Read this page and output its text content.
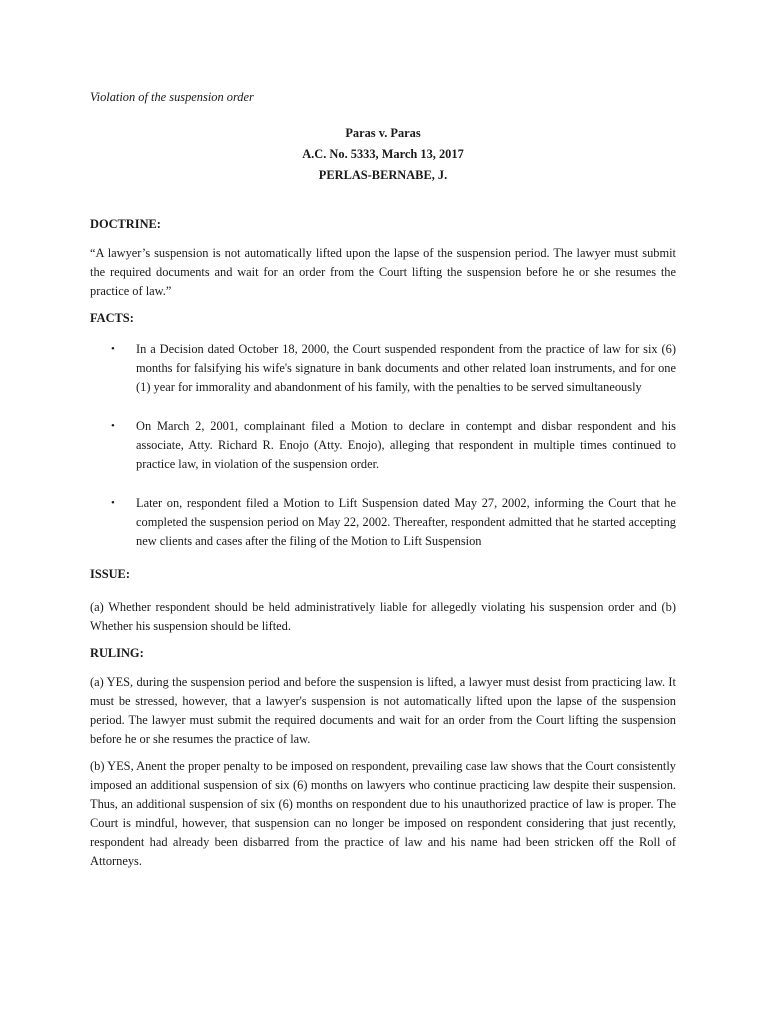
Violation of the suspension order

Paras v. Paras
A.C. No. 5333, March 13, 2017
PERLAS-BERNABE, J.

DOCTRINE:

“A lawyer’s suspension is not automatically lifted upon the lapse of the suspension period. The lawyer must submit the required documents and wait for an order from the Court lifting the suspension before he or she resumes the practice of law.”

FACTS:

• In a Decision dated October 18, 2000, the Court suspended respondent from the practice of law for six (6) months for falsifying his wife's signature in bank documents and other related loan instruments, and for one (1) year for immorality and abandonment of his family, with the penalties to be served simultaneously
• On March 2, 2001, complainant filed a Motion to declare in contempt and disbar respondent and his associate, Atty. Richard R. Enojo (Atty. Enojo), alleging that respondent in multiple times continued to practice law, in violation of the suspension order.
• Later on, respondent filed a Motion to Lift Suspension dated May 27, 2002, informing the Court that he completed the suspension period on May 22, 2002. Thereafter, respondent admitted that he started accepting new clients and cases after the filing of the Motion to Lift Suspension

ISSUE:

(a) Whether respondent should be held administratively liable for allegedly violating his suspension order and (b) Whether his suspension should be lifted.

RULING:

(a) YES, during the suspension period and before the suspension is lifted, a lawyer must desist from practicing law. It must be stressed, however, that a lawyer's suspension is not automatically lifted upon the lapse of the suspension period. The lawyer must submit the required documents and wait for an order from the Court lifting the suspension before he or she resumes the practice of law.

(b) YES, Anent the proper penalty to be imposed on respondent, prevailing case law shows that the Court consistently imposed an additional suspension of six (6) months on lawyers who continue practicing law despite their suspension. Thus, an additional suspension of six (6) months on respondent due to his unauthorized practice of law is proper. The Court is mindful, however, that suspension can no longer be imposed on respondent considering that just recently, respondent had already been disbarred from the practice of law and his name had been stricken off the Roll of Attorneys.
